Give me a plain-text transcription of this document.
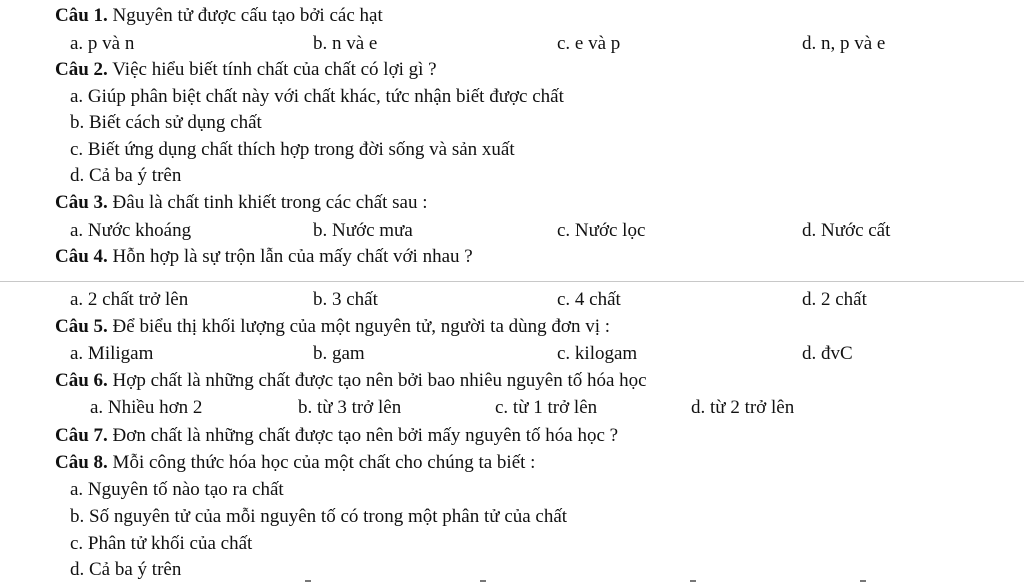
Câu 1. Nguyên tử được cấu tạo bởi các hạt
a. p và n	b. n và e	c. e và p	d. n, p và e
Câu 2. Việc hiểu biết tính chất của chất có lợi gì ?
a. Giúp phân biệt chất này với chất khác, tức nhận biết được chất
b. Biết cách sử dụng chất
c. Biết ứng dụng chất thích hợp trong đời sống và sản xuất
d. Cả ba ý trên
Câu 3. Đâu là chất tinh khiết trong các chất sau :
a. Nước khoáng	b. Nước mưa	c. Nước lọc	d. Nước cất
Câu 4. Hỗn hợp là sự trộn lẫn của mấy chất với nhau ?
a. 2 chất trở lên	b. 3 chất	c. 4 chất	d. 2 chất
Câu 5. Để biểu thị khối lượng của một nguyên tử, người ta dùng đơn vị :
a. Miligam	b. gam	c. kilogam	d. đvC
Câu 6. Hợp chất là những chất được tạo nên bởi bao nhiêu nguyên tố hóa học
a. Nhiều hơn 2	b. từ 3 trở lên	c. từ 1 trở lên	d. từ 2 trở lên
Câu 7. Đơn chất là những chất được tạo nên bởi mấy nguyên tố hóa học ?
Câu 8. Mỗi công thức hóa học của một chất cho chúng ta biết :
a. Nguyên tố nào tạo ra chất
b. Số nguyên tử của mỗi nguyên tố có trong một phân tử của chất
c. Phân tử khối của chất
d. Cả ba ý trên
